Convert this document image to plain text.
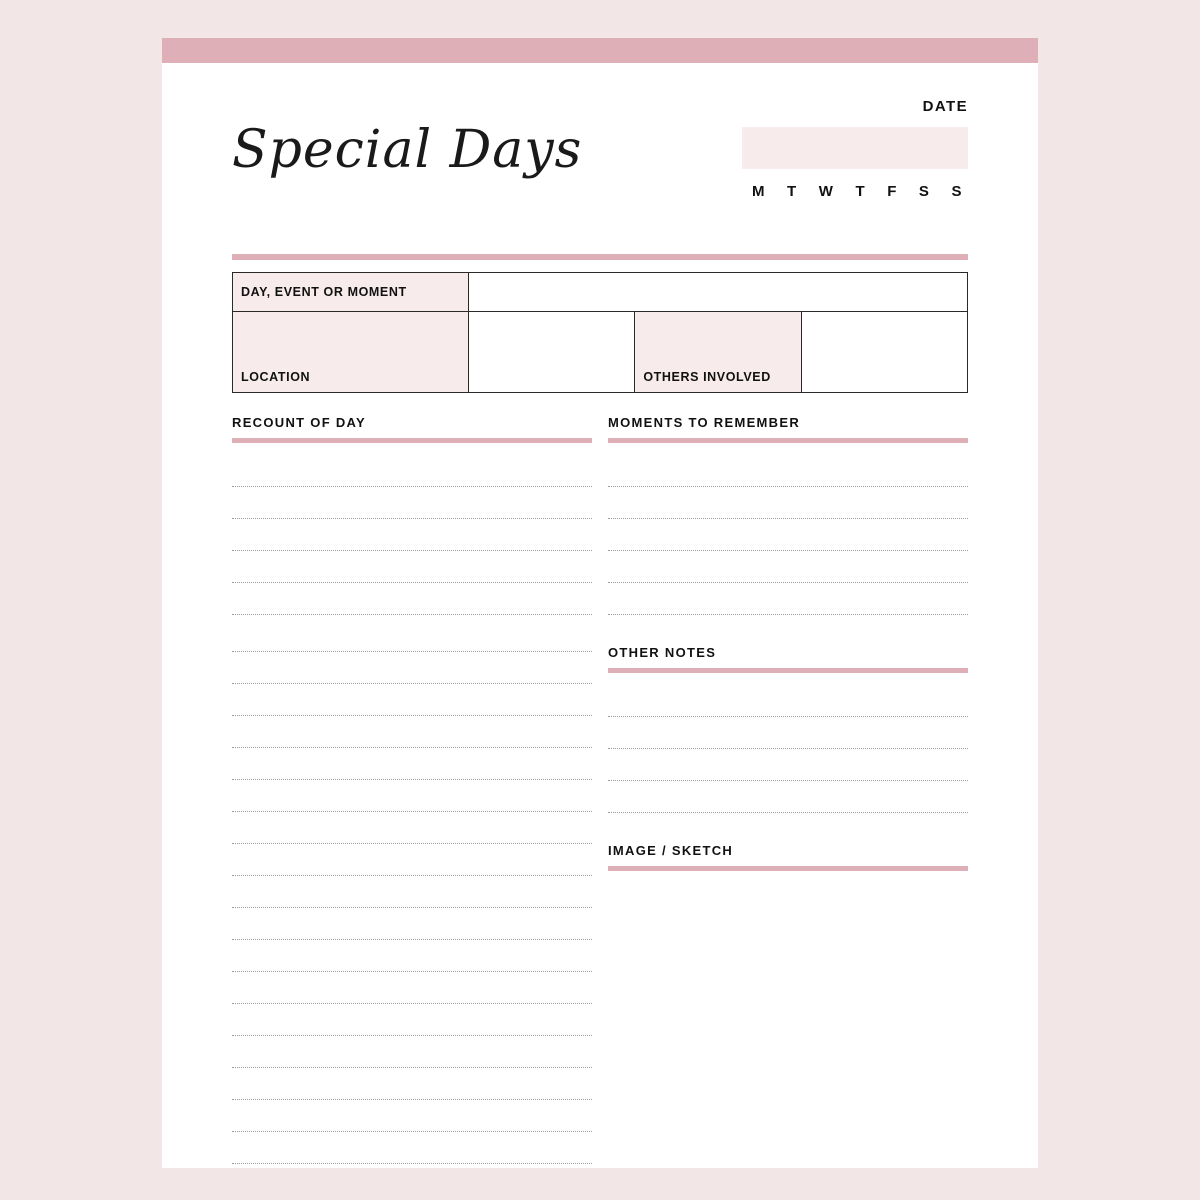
Special Days
DATE
M T W T F S S
DAY, EVENT OR MOMENT			
LOCATION		OTHERS INVOLVED	
RECOUNT OF DAY	MOMENTS TO REMEMBER
OTHER NOTES
IMAGE / SKETCH
